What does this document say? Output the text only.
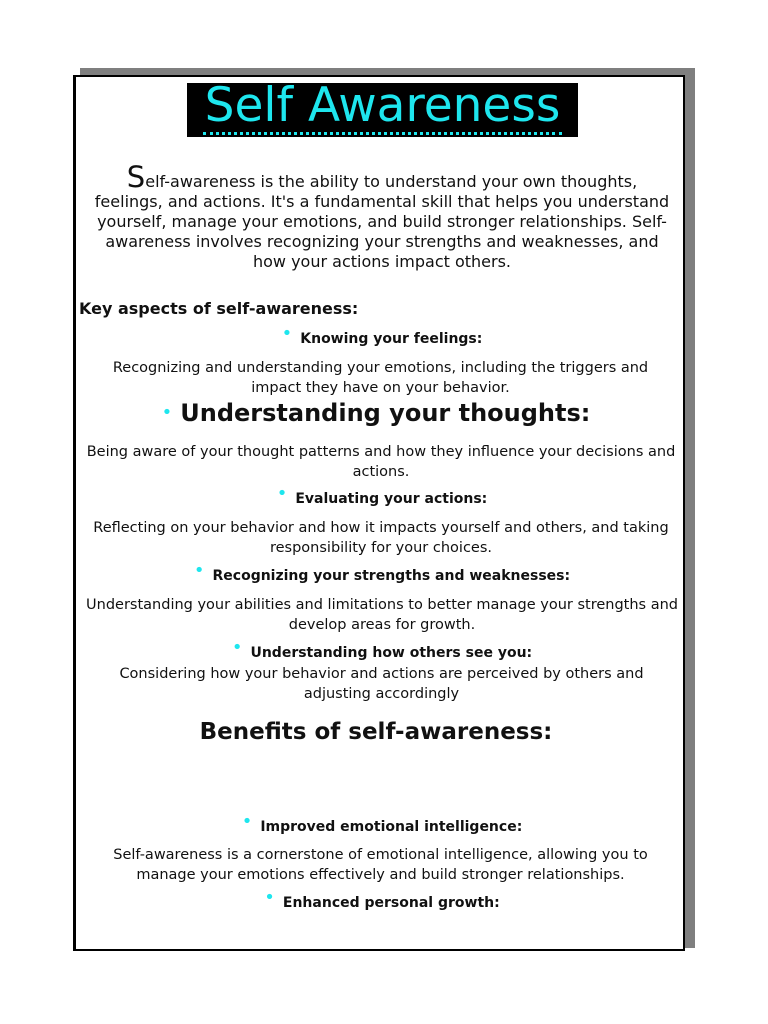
Self Awareness
Self-awareness is the ability to understand your own thoughts, feelings, and actions. It's a fundamental skill that helps you understand yourself, manage your emotions, and build stronger relationships. Self-awareness involves recognizing your strengths and weaknesses, and how your actions impact others.
Key aspects of self-awareness:
• Knowing your feelings:
Recognizing and understanding your emotions, including the triggers and impact they have on your behavior.
• Understanding your thoughts:
Being aware of your thought patterns and how they influence your decisions and actions.
• Evaluating your actions:
Reflecting on your behavior and how it impacts yourself and others, and taking responsibility for your choices.
• Recognizing your strengths and weaknesses:
Understanding your abilities and limitations to better manage your strengths and develop areas for growth.
• Understanding how others see you:
Considering how your behavior and actions are perceived by others and adjusting accordingly
Benefits of self-awareness:
• Improved emotional intelligence:
Self-awareness is a cornerstone of emotional intelligence, allowing you to manage your emotions effectively and build stronger relationships.
• Enhanced personal growth:
